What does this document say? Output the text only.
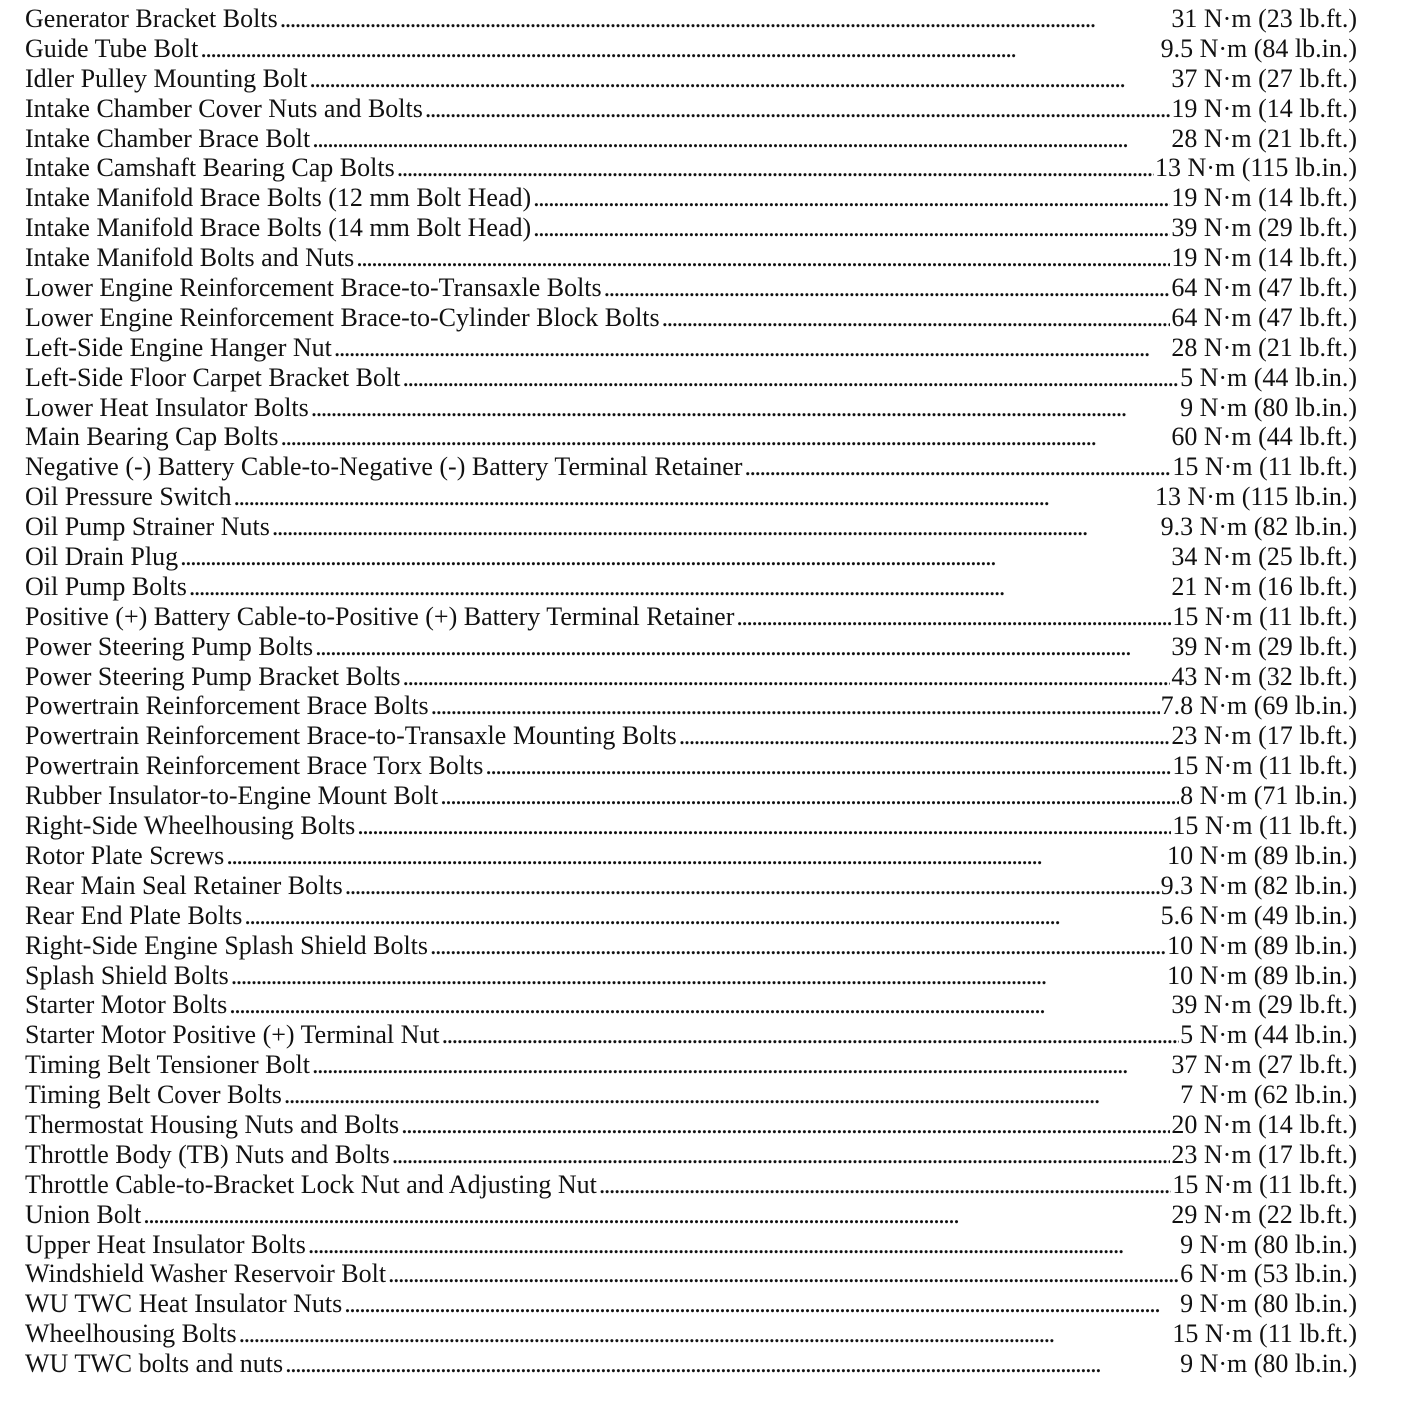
Generator Bracket Bolts . . .	31 N·m (23 lb.ft.)
Guide Tube Bolt . . .	9.5 N·m (84 lb.in.)
Idler Pulley Mounting Bolt . . .	37 N·m (27 lb.ft.)
Intake Chamber Cover Nuts and Bolts . . .	19 N·m (14 lb.ft.)
Intake Chamber Brace Bolt . . .	28 N·m (21 lb.ft.)
Intake Camshaft Bearing Cap Bolts . . .	13 N·m (115 lb.in.)
Intake Manifold Brace Bolts (12 mm Bolt Head) . . .	19 N·m (14 lb.ft.)
Intake Manifold Brace Bolts (14 mm Bolt Head) . . .	39 N·m (29 lb.ft.)
Intake Manifold Bolts and Nuts . . .	19 N·m (14 lb.ft.)
Lower Engine Reinforcement Brace-to-Transaxle Bolts . . .	64 N·m (47 lb.ft.)
Lower Engine Reinforcement Brace-to-Cylinder Block Bolts . . .	64 N·m (47 lb.ft.)
Left-Side Engine Hanger Nut . . .	28 N·m (21 lb.ft.)
Left-Side Floor Carpet Bracket Bolt . . .	5 N·m (44 lb.in.)
Lower Heat Insulator Bolts . . .	9 N·m (80 lb.in.)
Main Bearing Cap Bolts . . .	60 N·m (44 lb.ft.)
Negative (-) Battery Cable-to-Negative (-) Battery Terminal Retainer . . .	15 N·m (11 lb.ft.)
Oil Pressure Switch . . .	13 N·m (115 lb.in.)
Oil Pump Strainer Nuts . . .	9.3 N·m (82 lb.in.)
Oil Drain Plug . . .	34 N·m (25 lb.ft.)
Oil Pump Bolts . . .	21 N·m (16 lb.ft.)
Positive (+) Battery Cable-to-Positive (+) Battery Terminal Retainer . . .	15 N·m (11 lb.ft.)
Power Steering Pump Bolts . . .	39 N·m (29 lb.ft.)
Power Steering Pump Bracket Bolts . . .	43 N·m (32 lb.ft.)
Powertrain Reinforcement Brace Bolts . . .	7.8 N·m (69 lb.in.)
Powertrain Reinforcement Brace-to-Transaxle Mounting Bolts . . .	23 N·m (17 lb.ft.)
Powertrain Reinforcement Brace Torx Bolts . . .	15 N·m (11 lb.ft.)
Rubber Insulator-to-Engine Mount Bolt . . .	8 N·m (71 lb.in.)
Right-Side Wheelhousing Bolts . . .	15 N·m (11 lb.ft.)
Rotor Plate Screws . . .	10 N·m (89 lb.in.)
Rear Main Seal Retainer Bolts . . .	9.3 N·m (82 lb.in.)
Rear End Plate Bolts . . .	5.6 N·m (49 lb.in.)
Right-Side Engine Splash Shield Bolts . . .	10 N·m (89 lb.in.)
Splash Shield Bolts . . .	10 N·m (89 lb.in.)
Starter Motor Bolts . . .	39 N·m (29 lb.ft.)
Starter Motor Positive (+) Terminal Nut . . .	5 N·m (44 lb.in.)
Timing Belt Tensioner Bolt . . .	37 N·m (27 lb.ft.)
Timing Belt Cover Bolts . . .	7 N·m (62 lb.in.)
Thermostat Housing Nuts and Bolts . . .	20 N·m (14 lb.ft.)
Throttle Body (TB) Nuts and Bolts . . .	23 N·m (17 lb.ft.)
Throttle Cable-to-Bracket Lock Nut and Adjusting Nut . . .	15 N·m (11 lb.ft.)
Union Bolt . . .	29 N·m (22 lb.ft.)
Upper Heat Insulator Bolts . . .	9 N·m (80 lb.in.)
Windshield Washer Reservoir Bolt . . .	6 N·m (53 lb.in.)
WU TWC Heat Insulator Nuts . . .	9 N·m (80 lb.in.)
Wheelhousing Bolts . . .	15 N·m (11 lb.ft.)
WU TWC bolts and nuts . . .	9 N·m (80 lb.in.)
